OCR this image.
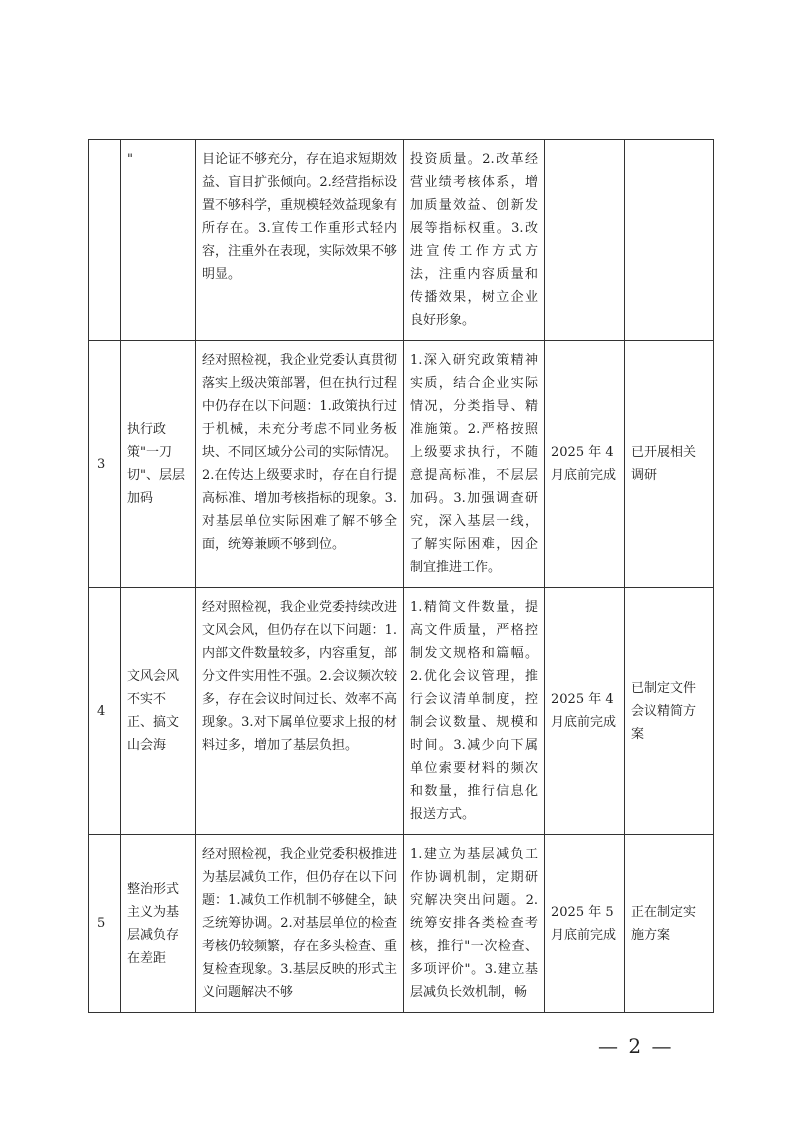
	"	目论证不够充分，存在追求短期效益、盲目扩张倾向。2.经营指标设置不够科学，重规模轻效益现象有所存在。3.宣传工作重形式轻内容，注重外在表现，实际效果不够明显。	投资质量。2.改革经营业绩考核体系，增加质量效益、创新发展等指标权重。3.改进宣传工作方式方法，注重内容质量和传播效果，树立企业良好形象。		
3	执行政策"一刀切"、层层加码	经对照检视，我企业党委认真贯彻落实上级决策部署，但在执行过程中仍存在以下问题：1.政策执行过于机械，未充分考虑不同业务板块、不同区域分公司的实际情况。2.在传达上级要求时，存在自行提高标准、增加考核指标的现象。3.对基层单位实际困难了解不够全面，统筹兼顾不够到位。	1.深入研究政策精神实质，结合企业实际情况，分类指导、精准施策。2.严格按照上级要求执行，不随意提高标准，不层层加码。3.加强调查研究，深入基层一线，了解实际困难，因企制宜推进工作。	2025 年 4 月底前完成	已开展相关调研
4	文风会风不实不正、搞文山会海	经对照检视，我企业党委持续改进文风会风，但仍存在以下问题：1.内部文件数量较多，内容重复，部分文件实用性不强。2.会议频次较多，存在会议时间过长、效率不高现象。3.对下属单位要求上报的材料过多，增加了基层负担。	1.精简文件数量，提高文件质量，严格控制发文规格和篇幅。2.优化会议管理，推行会议清单制度，控制会议数量、规模和时间。3.减少向下属单位索要材料的频次和数量，推行信息化报送方式。	2025 年 4 月底前完成	已制定文件会议精简方案
5	整治形式主义为基层减负存在差距	经对照检视，我企业党委积极推进为基层减负工作，但仍存在以下问题：1.减负工作机制不够健全，缺乏统筹协调。2.对基层单位的检查考核仍较频繁，存在多头检查、重复检查现象。3.基层反映的形式主义问题解决不够	1.建立为基层减负工作协调机制，定期研究解决突出问题。2.统筹安排各类检查考核，推行"一次检查、多项评价"。3.建立基层减负长效机制，畅	2025 年 5 月底前完成	正在制定实施方案
— 2 —
